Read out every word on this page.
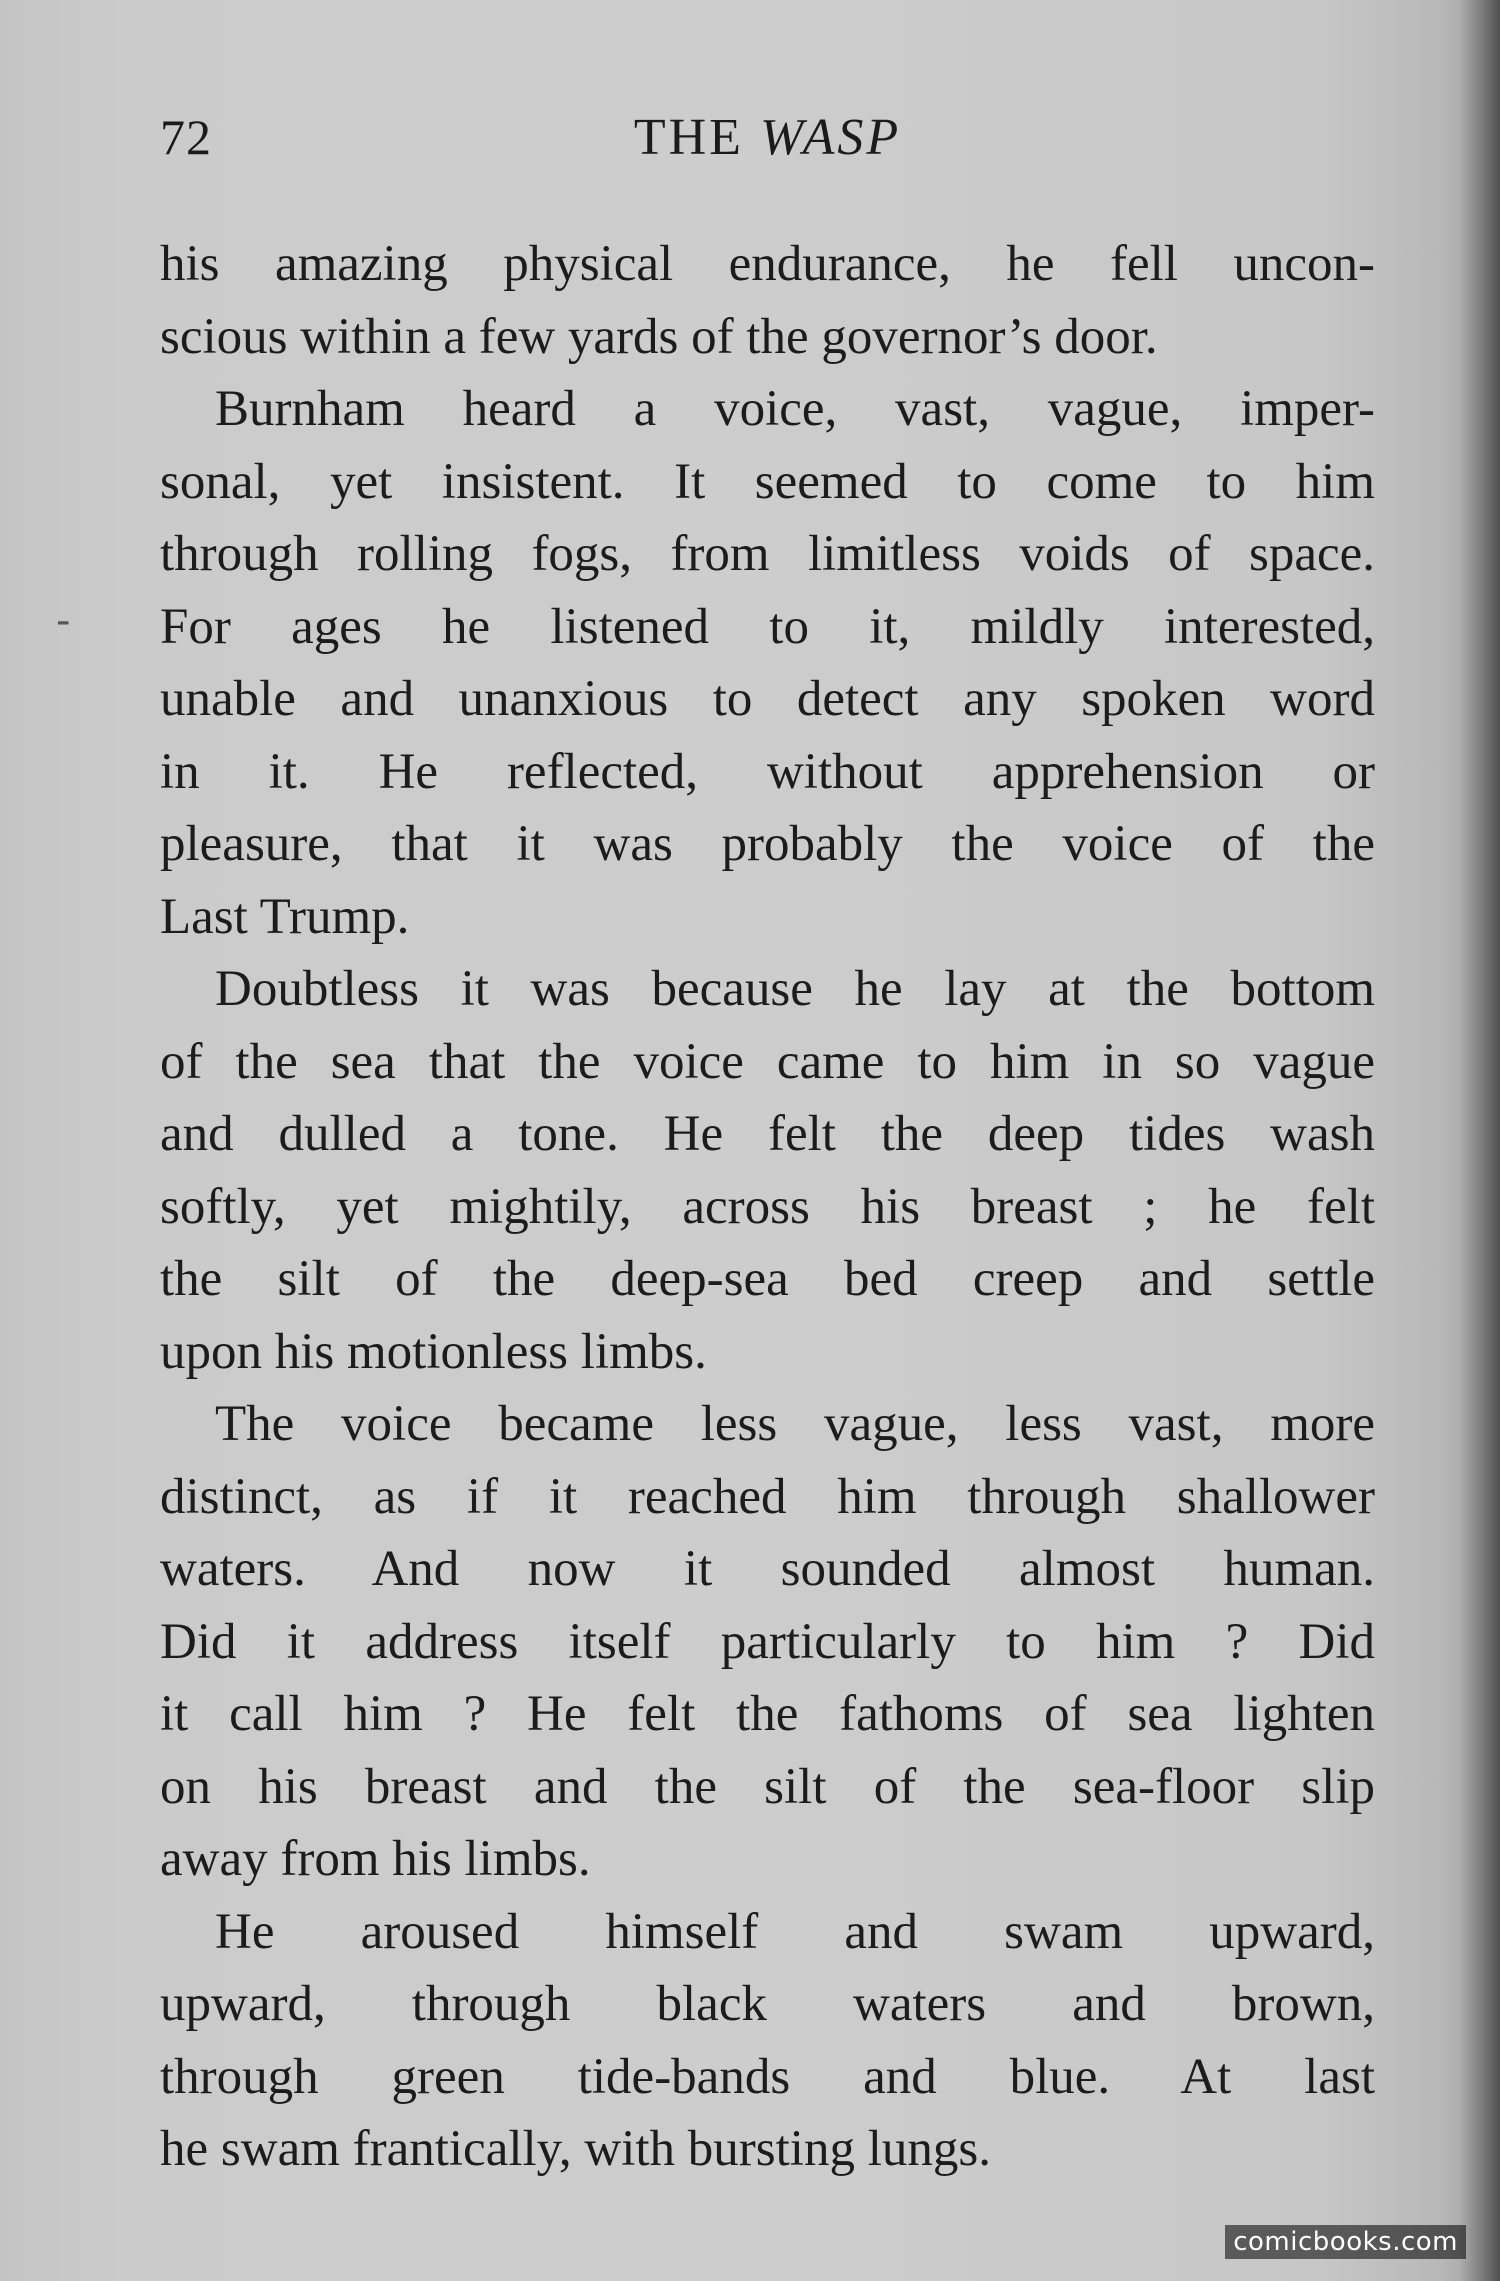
72	THE WASP
-
his amazing physical endurance, he fell uncon-
scious within a few yards of the governor’s door.
Burnham heard a voice, vast, vague, imper-
sonal, yet insistent. It seemed to come to him
through rolling fogs, from limitless voids of space.
For ages he listened to it, mildly interested,
unable and unanxious to detect any spoken word
in it. He reflected, without apprehension or
pleasure, that it was probably the voice of the
Last Trump.
Doubtless it was because he lay at the bottom
of the sea that the voice came to him in so vague
and dulled a tone. He felt the deep tides wash
softly, yet mightily, across his breast ; he felt
the silt of the deep-sea bed creep and settle
upon his motionless limbs.
The voice became less vague, less vast, more
distinct, as if it reached him through shallower
waters. And now it sounded almost human.
Did it address itself particularly to him ? Did
it call him ? He felt the fathoms of sea lighten
on his breast and the silt of the sea-floor slip
away from his limbs.
He aroused himself and swam upward,
upward, through black waters and brown,
through green tide-bands and blue. At last
he swam frantically, with bursting lungs.
comicbooks.com
